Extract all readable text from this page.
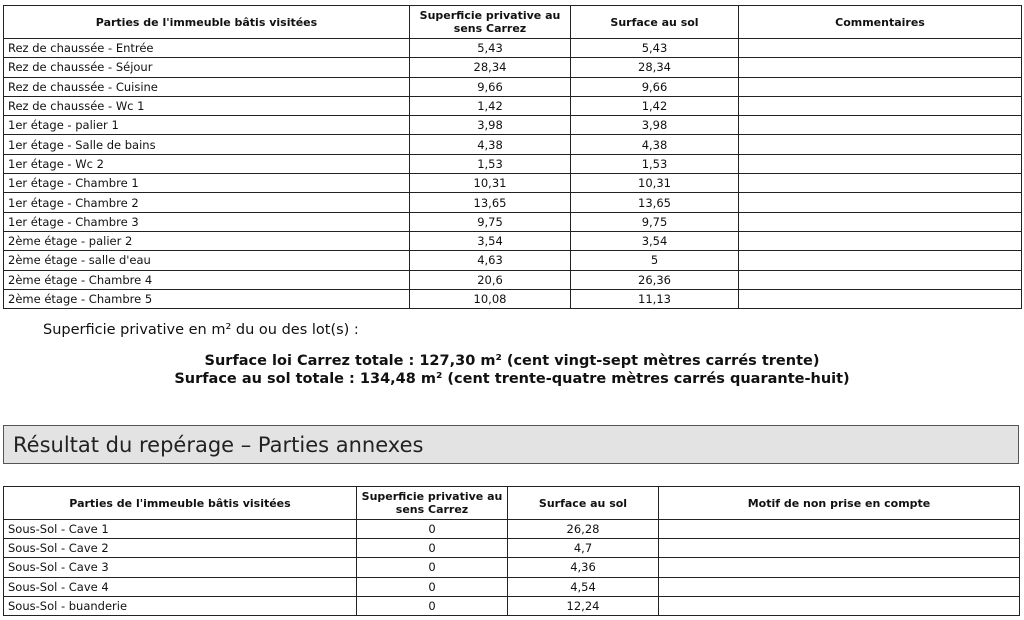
Parties de l'immeuble bâtis visitées	Superficie privative au sens Carrez	Surface au sol	Commentaires
Rez de chaussée - Entrée	5,43	5,43	
Rez de chaussée - Séjour	28,34	28,34	
Rez de chaussée - Cuisine	9,66	9,66	
Rez de chaussée - Wc 1	1,42	1,42	
1er étage - palier 1	3,98	3,98	
1er étage - Salle de bains	4,38	4,38	
1er étage - Wc 2	1,53	1,53	
1er étage - Chambre 1	10,31	10,31	
1er étage - Chambre 2	13,65	13,65	
1er étage - Chambre 3	9,75	9,75	
2ème étage - palier 2	3,54	3,54	
2ème étage - salle d'eau	4,63	5	
2ème étage - Chambre 4	20,6	26,36	
2ème étage - Chambre 5	10,08	11,13	
Superficie privative en m² du ou des lot(s) :
Surface loi Carrez totale : 127,30 m² (cent vingt-sept mètres carrés trente)
Surface au sol totale : 134,48 m² (cent trente-quatre mètres carrés quarante-huit)
Résultat du repérage – Parties annexes
Parties de l'immeuble bâtis visitées	Superficie privative au sens Carrez	Surface au sol	Motif de non prise en compte
Sous-Sol - Cave 1	0	26,28	
Sous-Sol - Cave 2	0	4,7	
Sous-Sol - Cave 3	0	4,36	
Sous-Sol - Cave 4	0	4,54	
Sous-Sol - buanderie	0	12,24	
